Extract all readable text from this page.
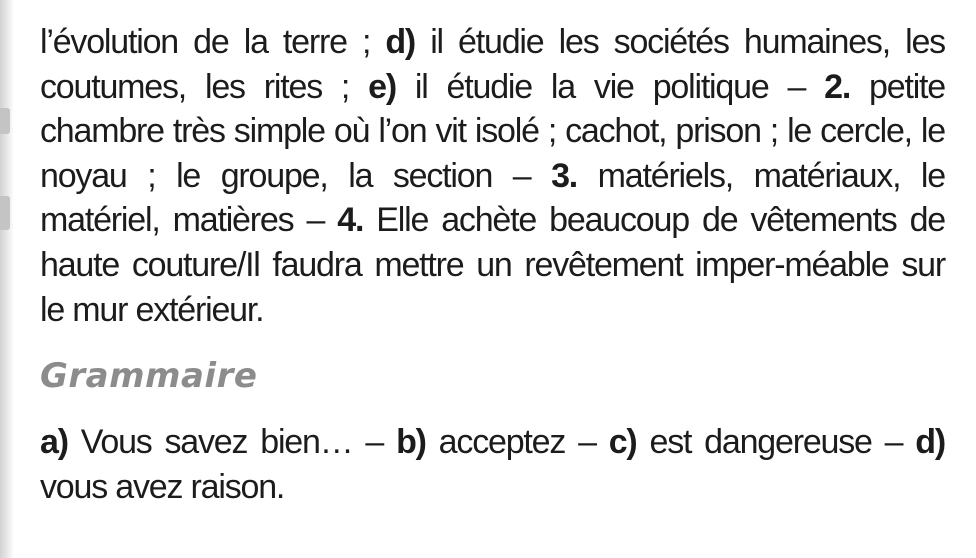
l’évolution de la terre ; d) il étudie les sociétés humaines, les coutumes, les rites ; e) il étudie la vie politique – 2. petite chambre très simple où l’on vit isolé ; cachot, prison ; le cercle, le noyau ; le groupe, la section – 3. matériels, matériaux, le matériel, matières – 4. Elle achète beaucoup de vêtements de haute couture/Il faudra mettre un revêtement imper-méable sur le mur extérieur.

Grammaire

a) Vous savez bien… – b) acceptez – c) est dangereuse – d) vous avez raison.
